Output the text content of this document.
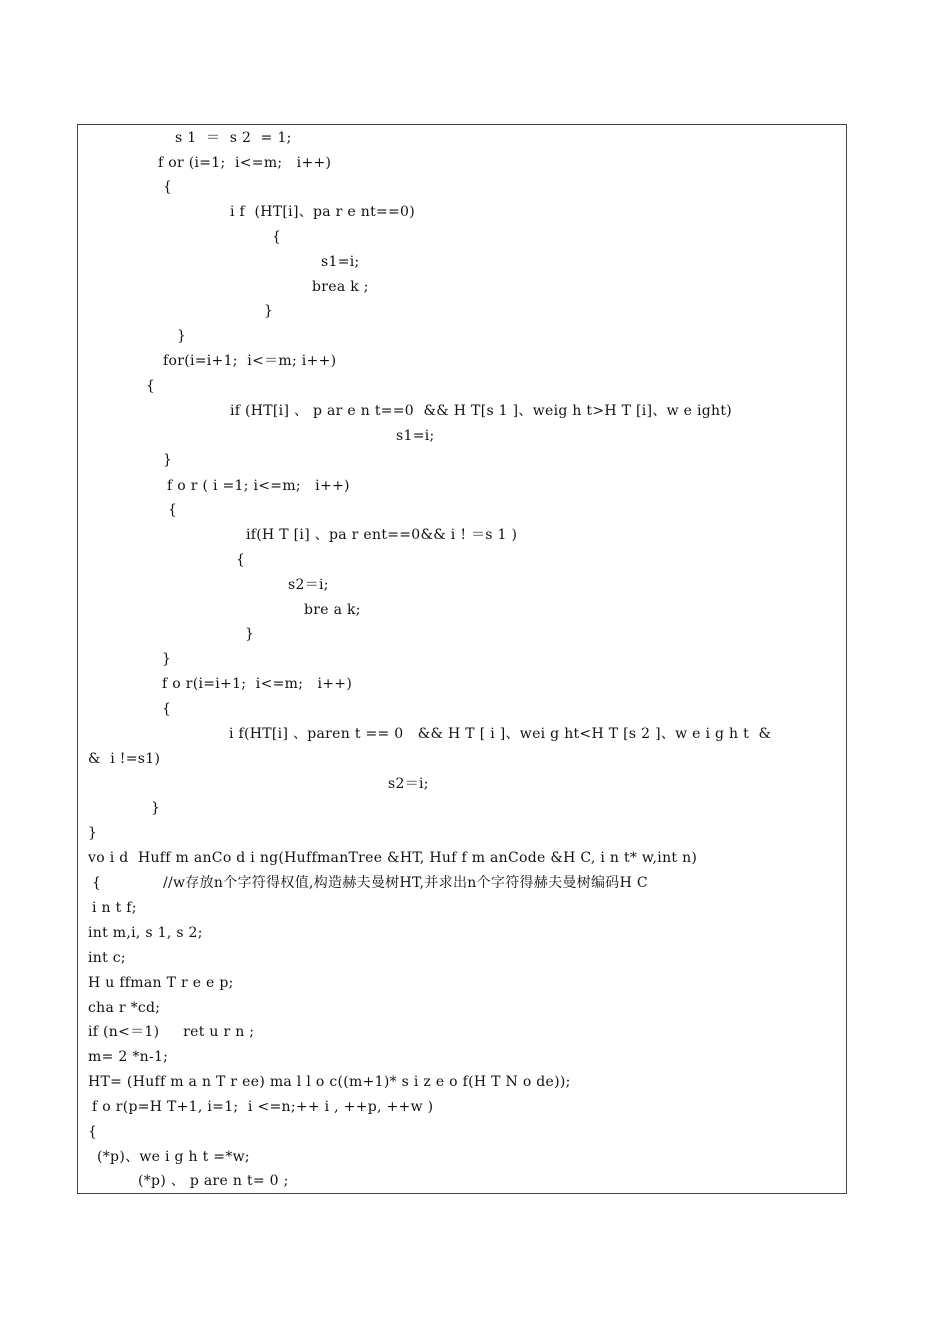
s 1  ＝  s 2  = 1;
f or (i=1;  i<=m;   i++)
{
i f  (HT[i]、pa r e nt==0)
{
s1=i;
brea k ;
}
}
for(i=i+1;  i<＝m; i++)
{
if (HT[i] 、 p ar e n t==0  && H T[s 1 ]、weig h t>H T [i]、w e ight)
s1=i;
}
f o r ( i =1; i<=m;   i++)
{
if(H T [i] 、pa r ent==0&& i ! ＝s 1 )
{
s2＝i;
bre a k;
}
}
f o r(i=i+1;  i<=m;   i++)
{
i f(HT[i] 、paren t == 0   && H T [ i ]、wei g ht<H T [s 2 ]、w e i g h t  &
&  i !=s1)
s2＝i;
}
}
vo i d  Huff m anCo d i ng(HuffmanTree &HT, Huf f m anCode &H C, i n t* w,int n)
{             //w存放n个字符得权值,构造赫夫曼树HT,并求出n个字符得赫夫曼树编码H C
i n t f;
int m,i, s 1, s 2;
int c;
H u ffman T r e e p;
cha r *cd;
if (n<＝1)     ret u r n ;
m= 2 *n-1;
HT= (Huff m a n T r ee) ma l l o c((m+1)* s i z e o f(H T N o de));
f o r(p=H T+1, i=1;  i <=n;++ i , ++p, ++w )
{
(*p)、we i g h t =*w;
(*p) 、 p are n t= 0 ;
